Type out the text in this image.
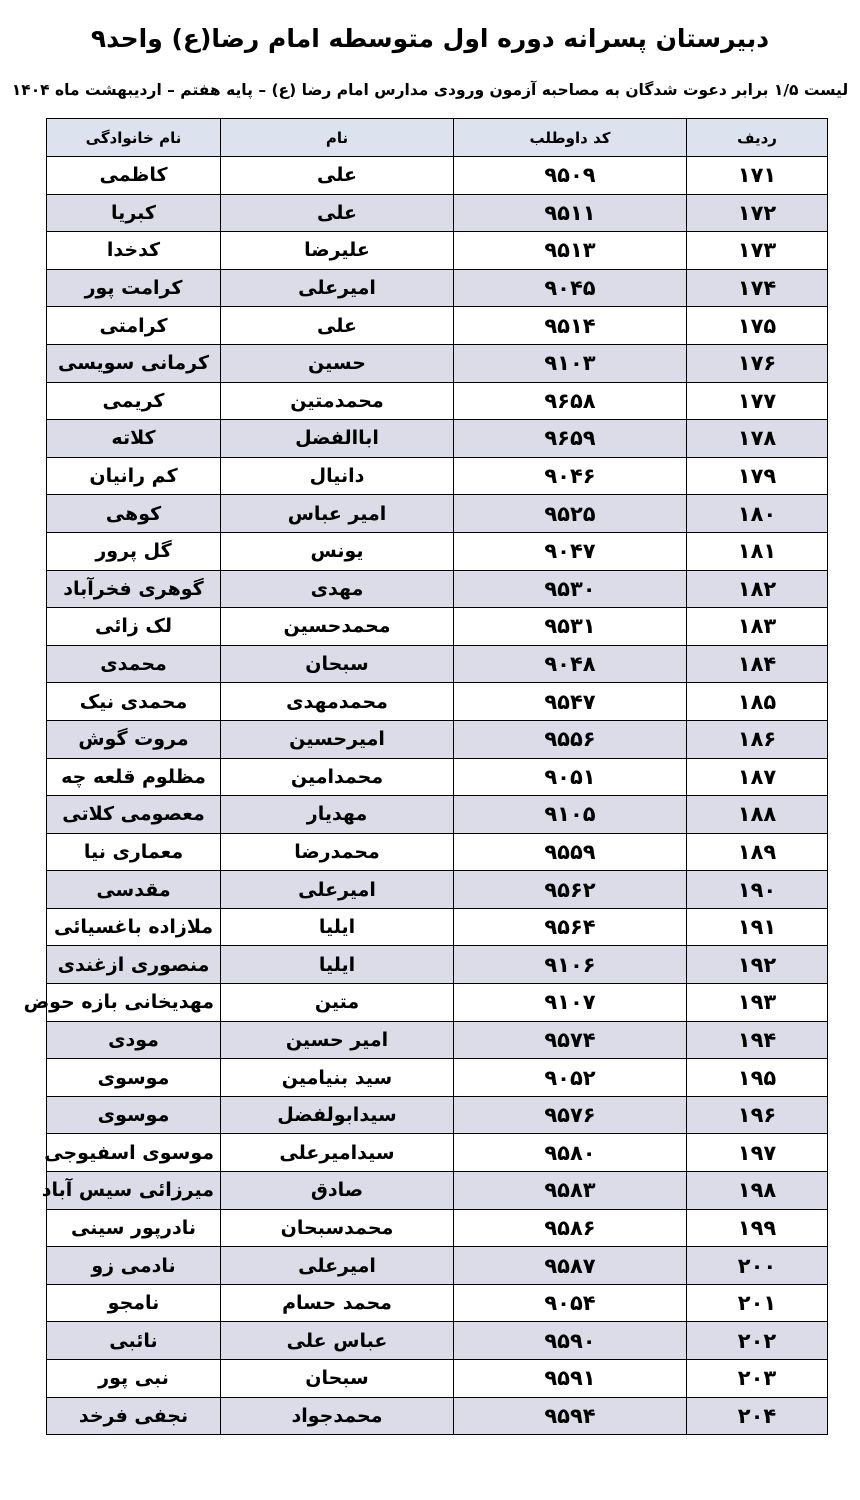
دبیرستان پسرانه دوره اول متوسطه امام رضا(ع) واحد۹
لیست ۱/۵ برابر دعوت شدگان به مصاحبه آزمون ورودی مدارس امام رضا (ع) – پایه هفتم – اردیبهشت ماه ۱۴۰۴
ردیف	کد داوطلب	نام	نام خانوادگی
۱۷۱	۹۵۰۹	علی	کاظمی
۱۷۲	۹۵۱۱	علی	کبریا
۱۷۳	۹۵۱۳	علیرضا	کدخدا
۱۷۴	۹۰۴۵	امیرعلی	کرامت پور
۱۷۵	۹۵۱۴	علی	کرامتی
۱۷۶	۹۱۰۳	حسین	کرمانی سویسی
۱۷۷	۹۶۵۸	محمدمتین	کریمی
۱۷۸	۹۶۵۹	اباالفضل	کلاته
۱۷۹	۹۰۴۶	دانیال	کم رانیان
۱۸۰	۹۵۲۵	امیر عباس	کوهی
۱۸۱	۹۰۴۷	یونس	گل پرور
۱۸۲	۹۵۳۰	مهدی	گوهری فخرآباد
۱۸۳	۹۵۳۱	محمدحسین	لک زائی
۱۸۴	۹۰۴۸	سبحان	محمدی
۱۸۵	۹۵۴۷	محمدمهدی	محمدی نیک
۱۸۶	۹۵۵۶	امیرحسین	مروت گوش
۱۸۷	۹۰۵۱	محمدامین	مظلوم قلعه چه
۱۸۸	۹۱۰۵	مهدیار	معصومی کلاتی
۱۸۹	۹۵۵۹	محمدرضا	معماری نیا
۱۹۰	۹۵۶۲	امیرعلی	مقدسی
۱۹۱	۹۵۶۴	ایلیا	ملازاده باغسیائی
۱۹۲	۹۱۰۶	ایلیا	منصوری ازغندی
۱۹۳	۹۱۰۷	متین	مهدیخانی بازه حوض
۱۹۴	۹۵۷۴	امیر حسین	مودی
۱۹۵	۹۰۵۲	سید بنیامین	موسوی
۱۹۶	۹۵۷۶	سیدابولفضل	موسوی
۱۹۷	۹۵۸۰	سیدامیرعلی	موسوی اسفیوجی
۱۹۸	۹۵۸۳	صادق	میرزائی سیس آباد
۱۹۹	۹۵۸۶	محمدسبحان	نادرپور سینی
۲۰۰	۹۵۸۷	امیرعلی	نادمی زو
۲۰۱	۹۰۵۴	محمد حسام	نامجو
۲۰۲	۹۵۹۰	عباس علی	نائبی
۲۰۳	۹۵۹۱	سبحان	نبی پور
۲۰۴	۹۵۹۴	محمدجواد	نجفی فرخد
